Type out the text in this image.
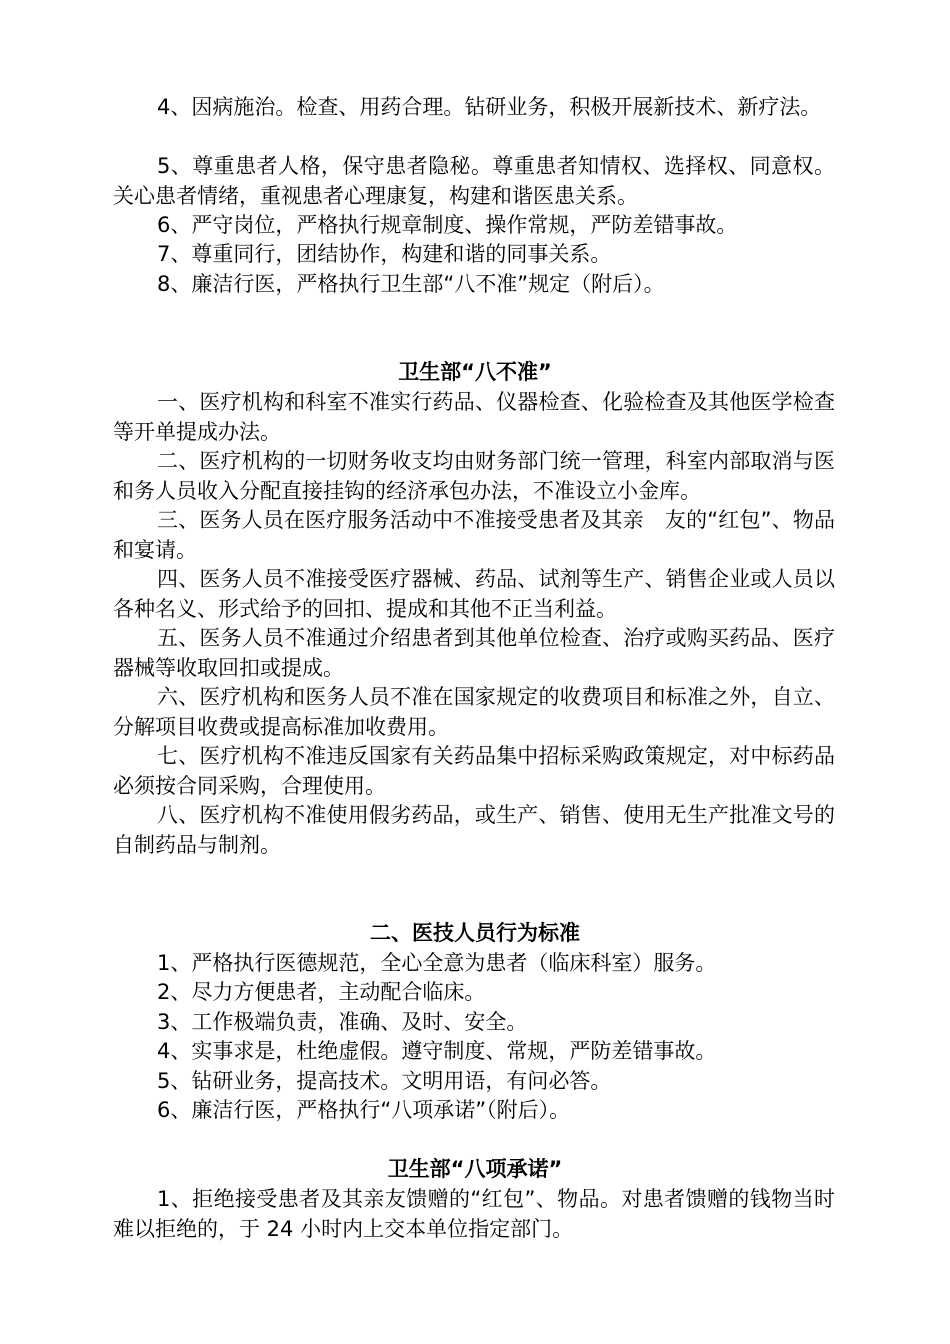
4、因病施治。检查、用药合理。钻研业务，积极开展新技术、新疗法。

5、尊重患者人格，保守患者隐秘。尊重患者知情权、选择权、同意权。关心患者情绪，重视患者心理康复，构建和谐医患关系。

6、严守岗位，严格执行规章制度、操作常规，严防差错事故。

7、尊重同行，团结协作，构建和谐的同事关系。

8、廉洁行医，严格执行卫生部“八不准”规定（附后）。

卫生部“八不准”

一、医疗机构和科室不准实行药品、仪器检查、化验检查及其他医学检查等开单提成办法。

二、医疗机构的一切财务收支均由财务部门统一管理，科室内部取消与医和务人员收入分配直接挂钩的经济承包办法，不准设立小金库。

三、医务人员在医疗服务活动中不准接受患者及其亲　友的“红包”、物品和宴请。

四、医务人员不准接受医疗器械、药品、试剂等生产、销售企业或人员以各种名义、形式给予的回扣、提成和其他不正当利益。

五、医务人员不准通过介绍患者到其他单位检查、治疗或购买药品、医疗器械等收取回扣或提成。

六、医疗机构和医务人员不准在国家规定的收费项目和标准之外，自立、分解项目收费或提高标准加收费用。

七、医疗机构不准违反国家有关药品集中招标采购政策规定，对中标药品必须按合同采购，合理使用。

八、医疗机构不准使用假劣药品，或生产、销售、使用无生产批准文号的自制药品与制剂。

二、医技人员行为标准

1、严格执行医德规范，全心全意为患者（临床科室）服务。

2、尽力方便患者，主动配合临床。

3、工作极端负责，准确、及时、安全。

4、实事求是，杜绝虚假。遵守制度、常规，严防差错事故。

5、钻研业务，提高技术。文明用语，有问必答。

6、廉洁行医，严格执行“八项承诺”（附后）。

卫生部“八项承诺”

1、拒绝接受患者及其亲友馈赠的“红包”、物品。对患者馈赠的钱物当时难以拒绝的，于 24 小时内上交本单位指定部门。
